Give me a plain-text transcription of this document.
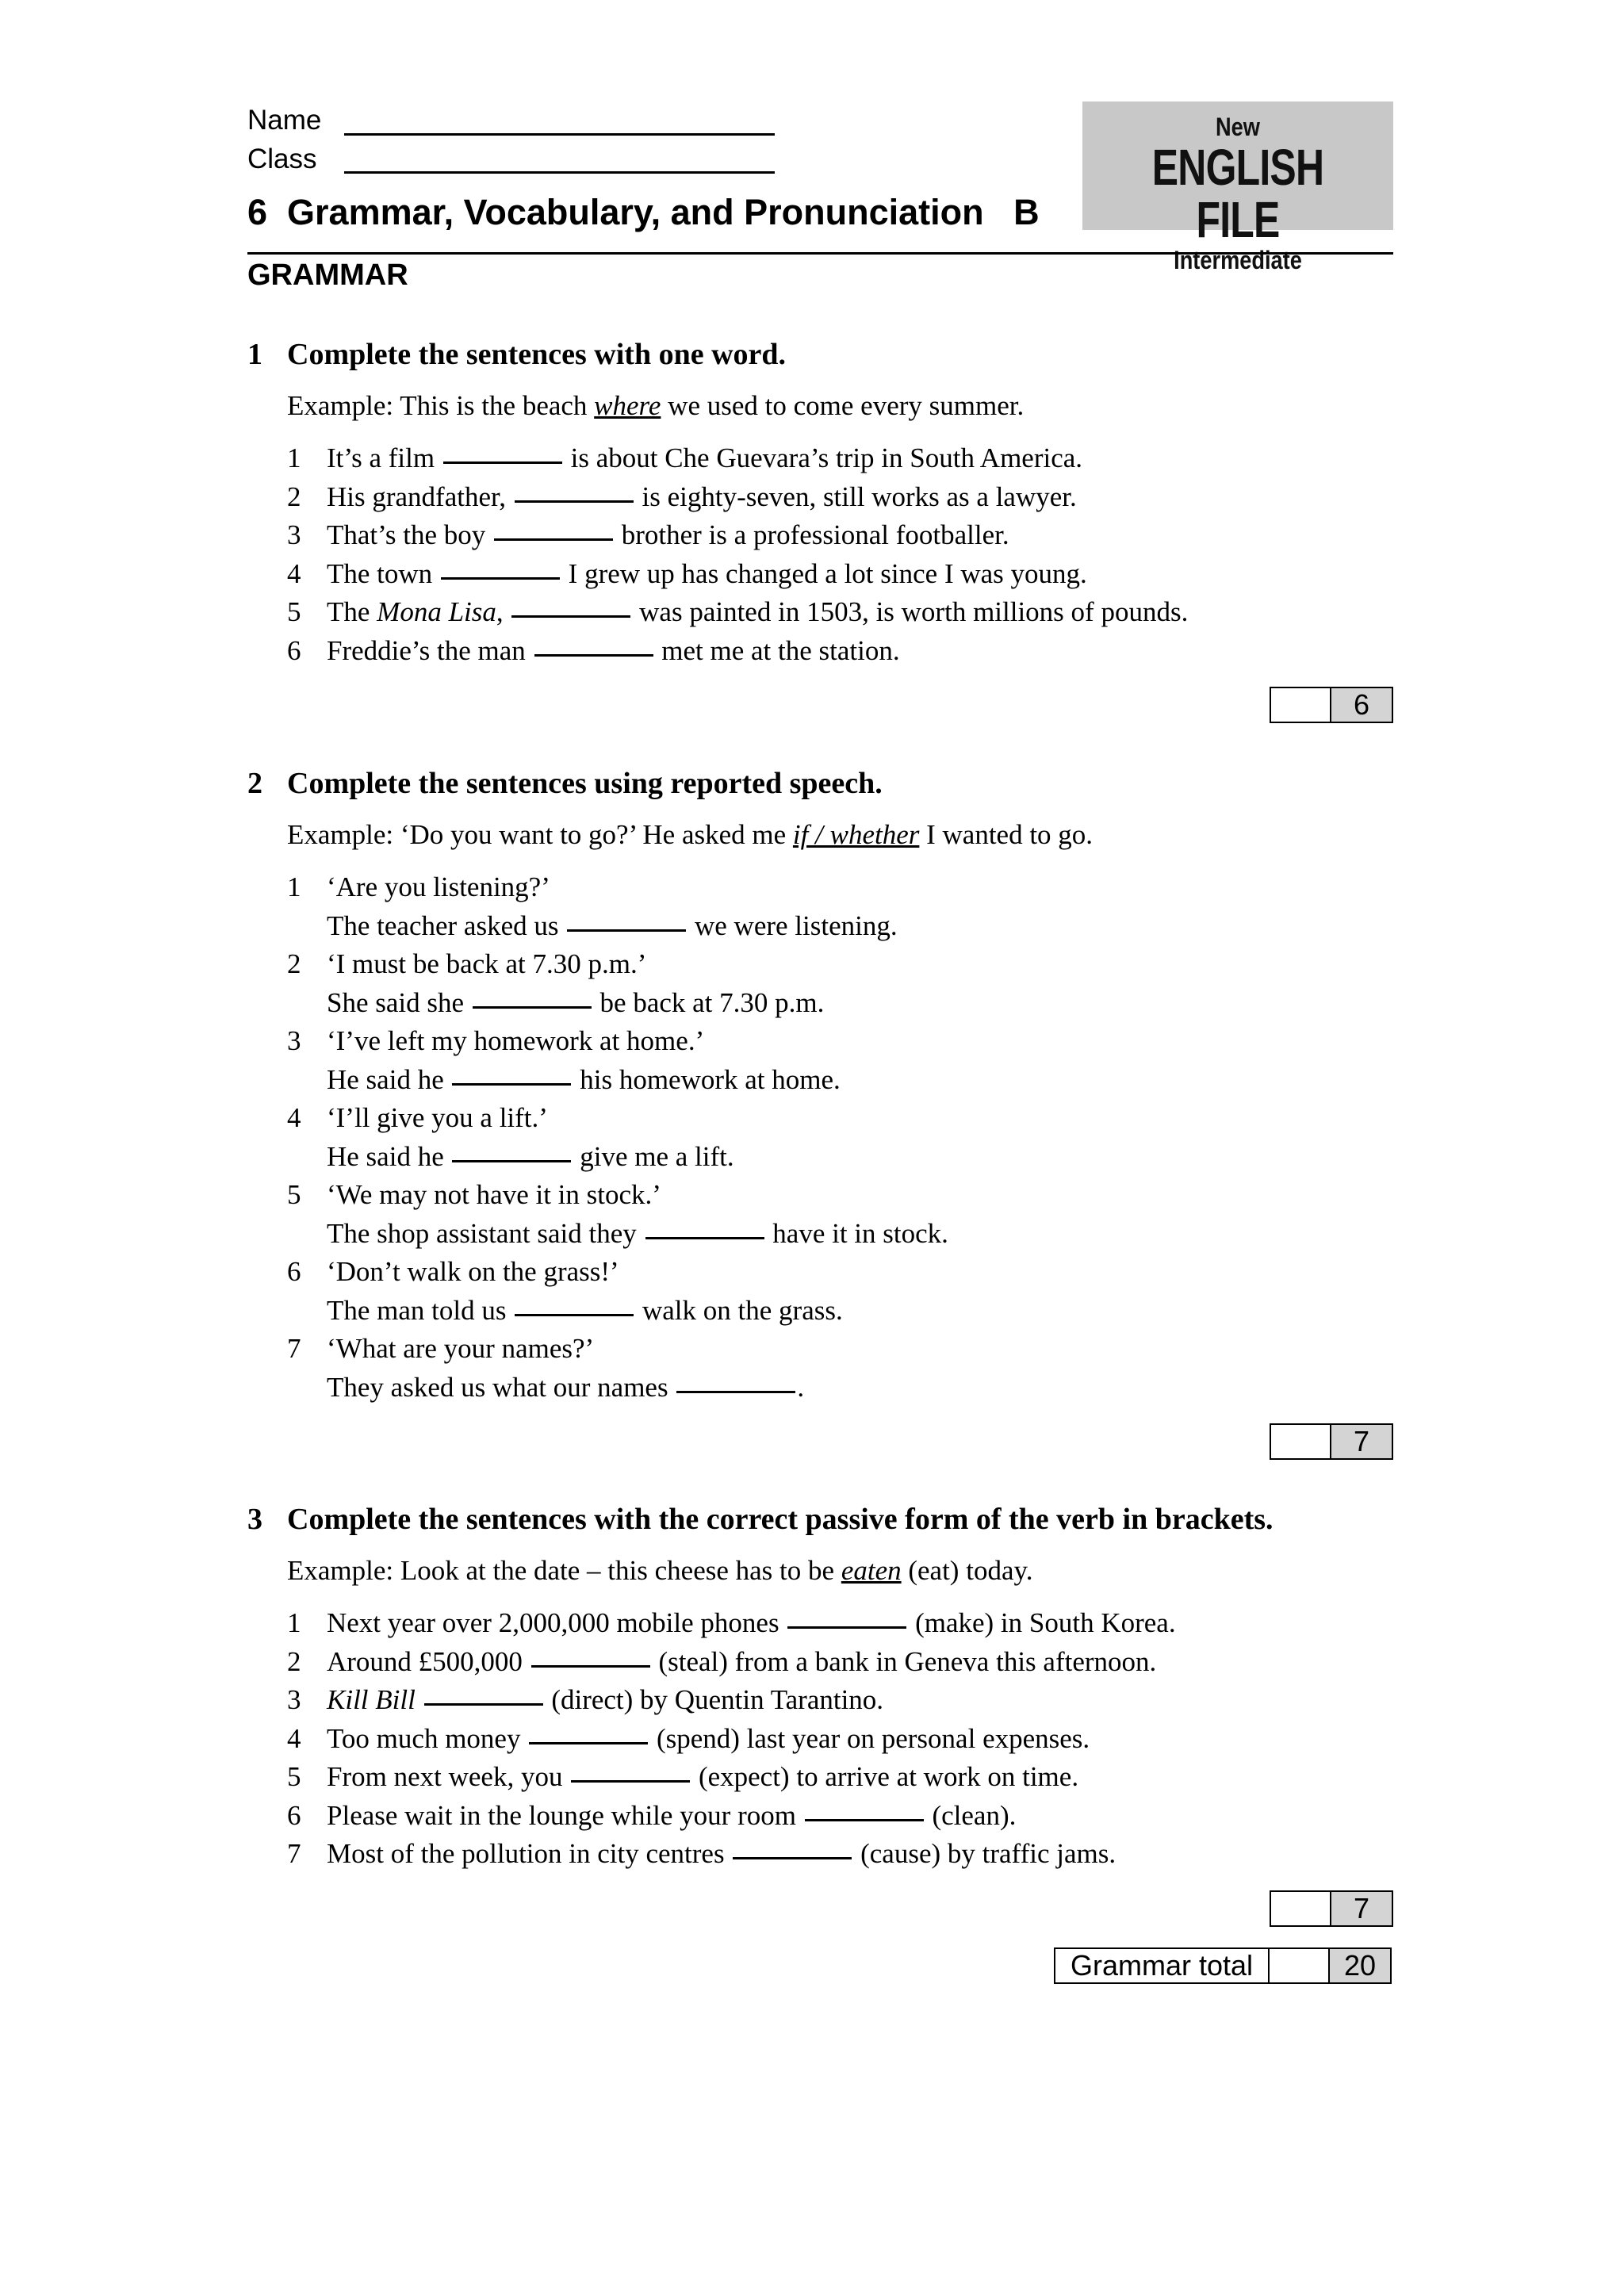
Name
Class
6  Grammar, Vocabulary, and Pronunciation   B
New
ENGLISH FILE
Intermediate
GRAMMAR
1 Complete the sentences with one word.
Example: This is the beach where we used to come every summer.
1 It’s a film	is about Che Guevara’s trip in South America.
2 His grandfather,	is eighty-seven, still works as a lawyer.
3 That’s the boy	brother is a professional footballer.
4 The town	I grew up has changed a lot since I was young.
5 The Mona Lisa,	was painted in 1503, is worth millions of pounds.
6 Freddie’s the man	met me at the station.
6
2 Complete the sentences using reported speech.
Example: ‘Do you want to go?’ He asked me if / whether I wanted to go.
1 ‘Are you listening?’
The teacher asked us	we were listening.
2 ‘I must be back at 7.30 p.m.’
She said she	be back at 7.30 p.m.
3 ‘I’ve left my homework at home.’
He said he	his homework at home.
4 ‘I’ll give you a lift.’
He said he	give me a lift.
5 ‘We may not have it in stock.’
The shop assistant said they	have it in stock.
6 ‘Don’t walk on the grass!’
The man told us	walk on the grass.
7 ‘What are your names?’
They asked us what our names	.
7
3 Complete the sentences with the correct passive form of the verb in brackets.
Example: Look at the date – this cheese has to be eaten (eat) today.
1 Next year over 2,000,000 mobile phones	(make) in South Korea.
2 Around £500,000	(steal) from a bank in Geneva this afternoon.
3 Kill Bill	(direct) by Quentin Tarantino.
4 Too much money	(spend) last year on personal expenses.
5 From next week, you	(expect) to arrive at work on time.
6 Please wait in the lounge while your room	(clean).
7 Most of the pollution in city centres	(cause) by traffic jams.
7
Grammar total	20
